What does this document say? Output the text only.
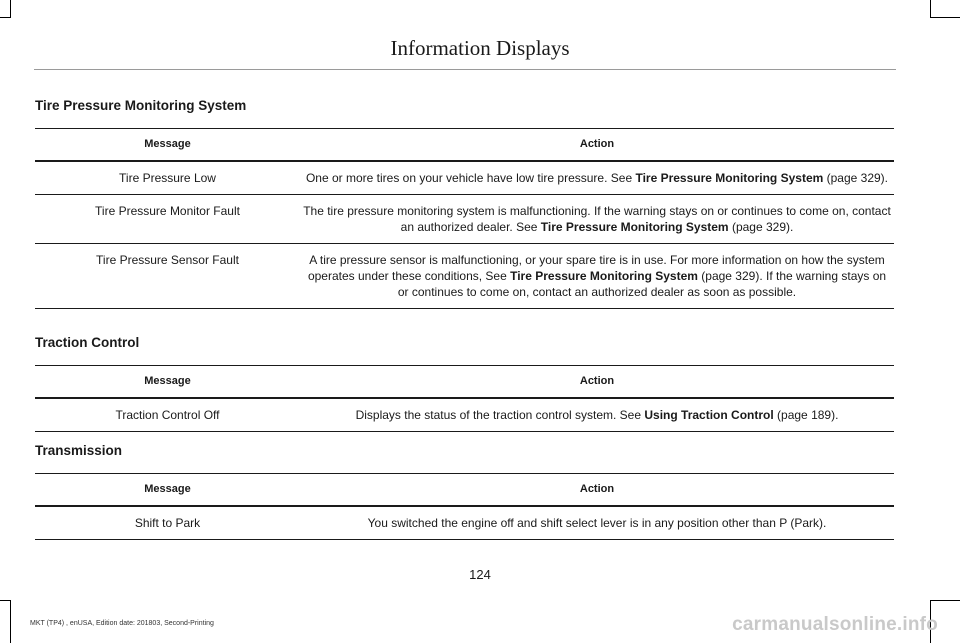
Information Displays
Tire Pressure Monitoring System
Message	Action
Tire Pressure Low	One or more tires on your vehicle have low tire pressure. See Tire Pressure Monitoring System (page 329).
Tire Pressure Monitor Fault	The tire pressure monitoring system is malfunctioning. If the warning stays on or continues to come on, contact an authorized dealer. See Tire Pressure Monitoring System (page 329).
Tire Pressure Sensor Fault	A tire pressure sensor is malfunctioning, or your spare tire is in use. For more information on how the system operates under these conditions, See Tire Pressure Monitoring System (page 329). If the warning stays on or continues to come on, contact an authorized dealer as soon as possible.
Traction Control
Message	Action
Traction Control Off	Displays the status of the traction control system. See Using Traction Control (page 189).
Transmission
Message	Action
Shift to Park	You switched the engine off and shift select lever is in any position other than P (Park).
124
MKT (TP4) , enUSA, Edition date: 201803, Second-Printing	carmanualsonline.info
